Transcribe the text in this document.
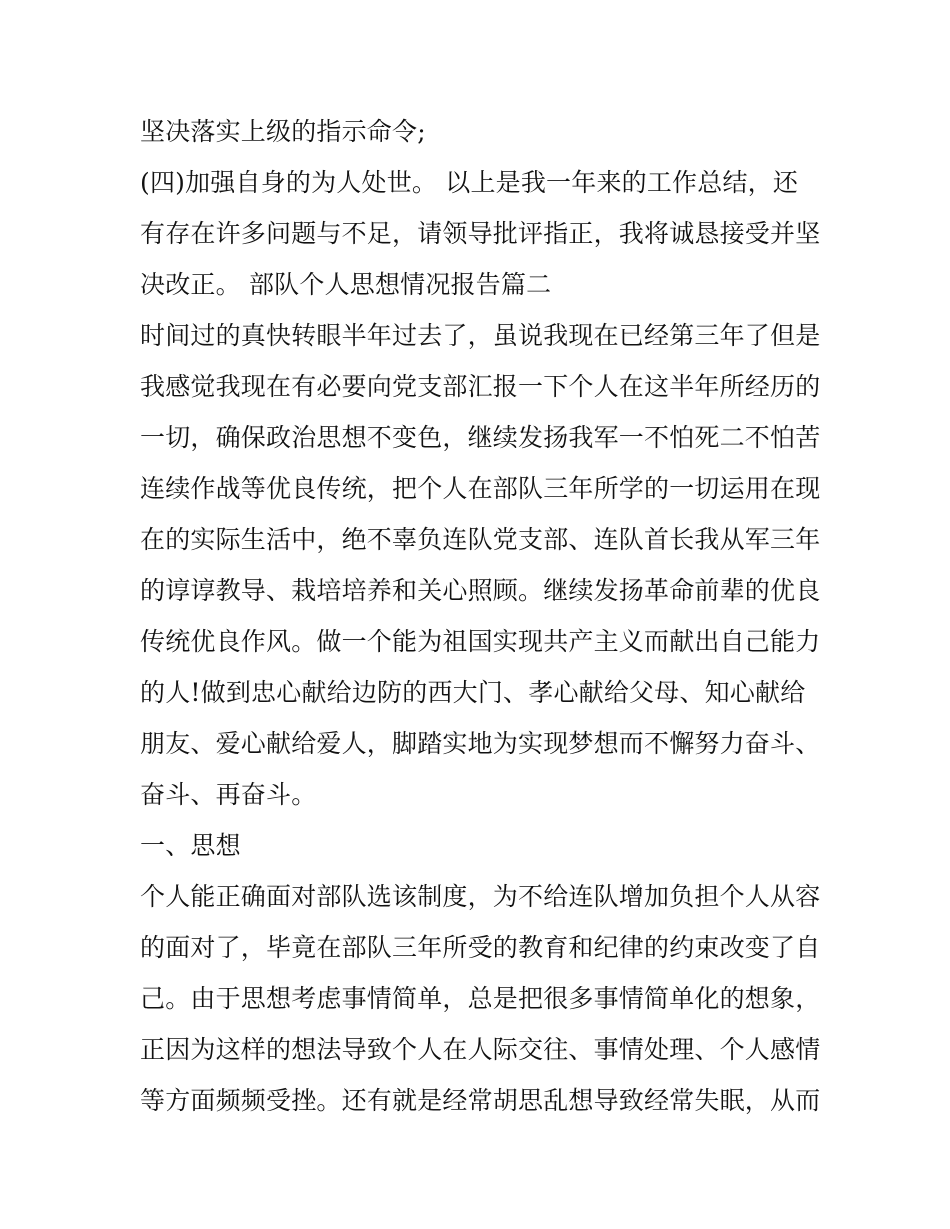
坚决落实上级的指示命令;
(四)加强自身的为人处世。 以上是我一年来的工作总结，还
有存在许多问题与不足，请领导批评指正，我将诚恳接受并坚
决改正。 部队个人思想情况报告篇二
时间过的真快转眼半年过去了，虽说我现在已经第三年了但是
我感觉我现在有必要向党支部汇报一下个人在这半年所经历的
一切，确保政治思想不变色，继续发扬我军一不怕死二不怕苦
连续作战等优良传统，把个人在部队三年所学的一切运用在现
在的实际生活中，绝不辜负连队党支部、连队首长我从军三年
的谆谆教导、栽培培养和关心照顾。继续发扬革命前辈的优良
传统优良作风。做一个能为祖国实现共产主义而献出自己能力
的人!做到忠心献给边防的西大门、孝心献给父母、知心献给
朋友、爱心献给爱人，脚踏实地为实现梦想而不懈努力奋斗、
奋斗、再奋斗。
一、思想
个人能正确面对部队选该制度，为不给连队增加负担个人从容
的面对了，毕竟在部队三年所受的教育和纪律的约束改变了自
己。由于思想考虑事情简单，总是把很多事情简单化的想象，
正因为这样的想法导致个人在人际交往、事情处理、个人感情
等方面频频受挫。还有就是经常胡思乱想导致经常失眠，从而
